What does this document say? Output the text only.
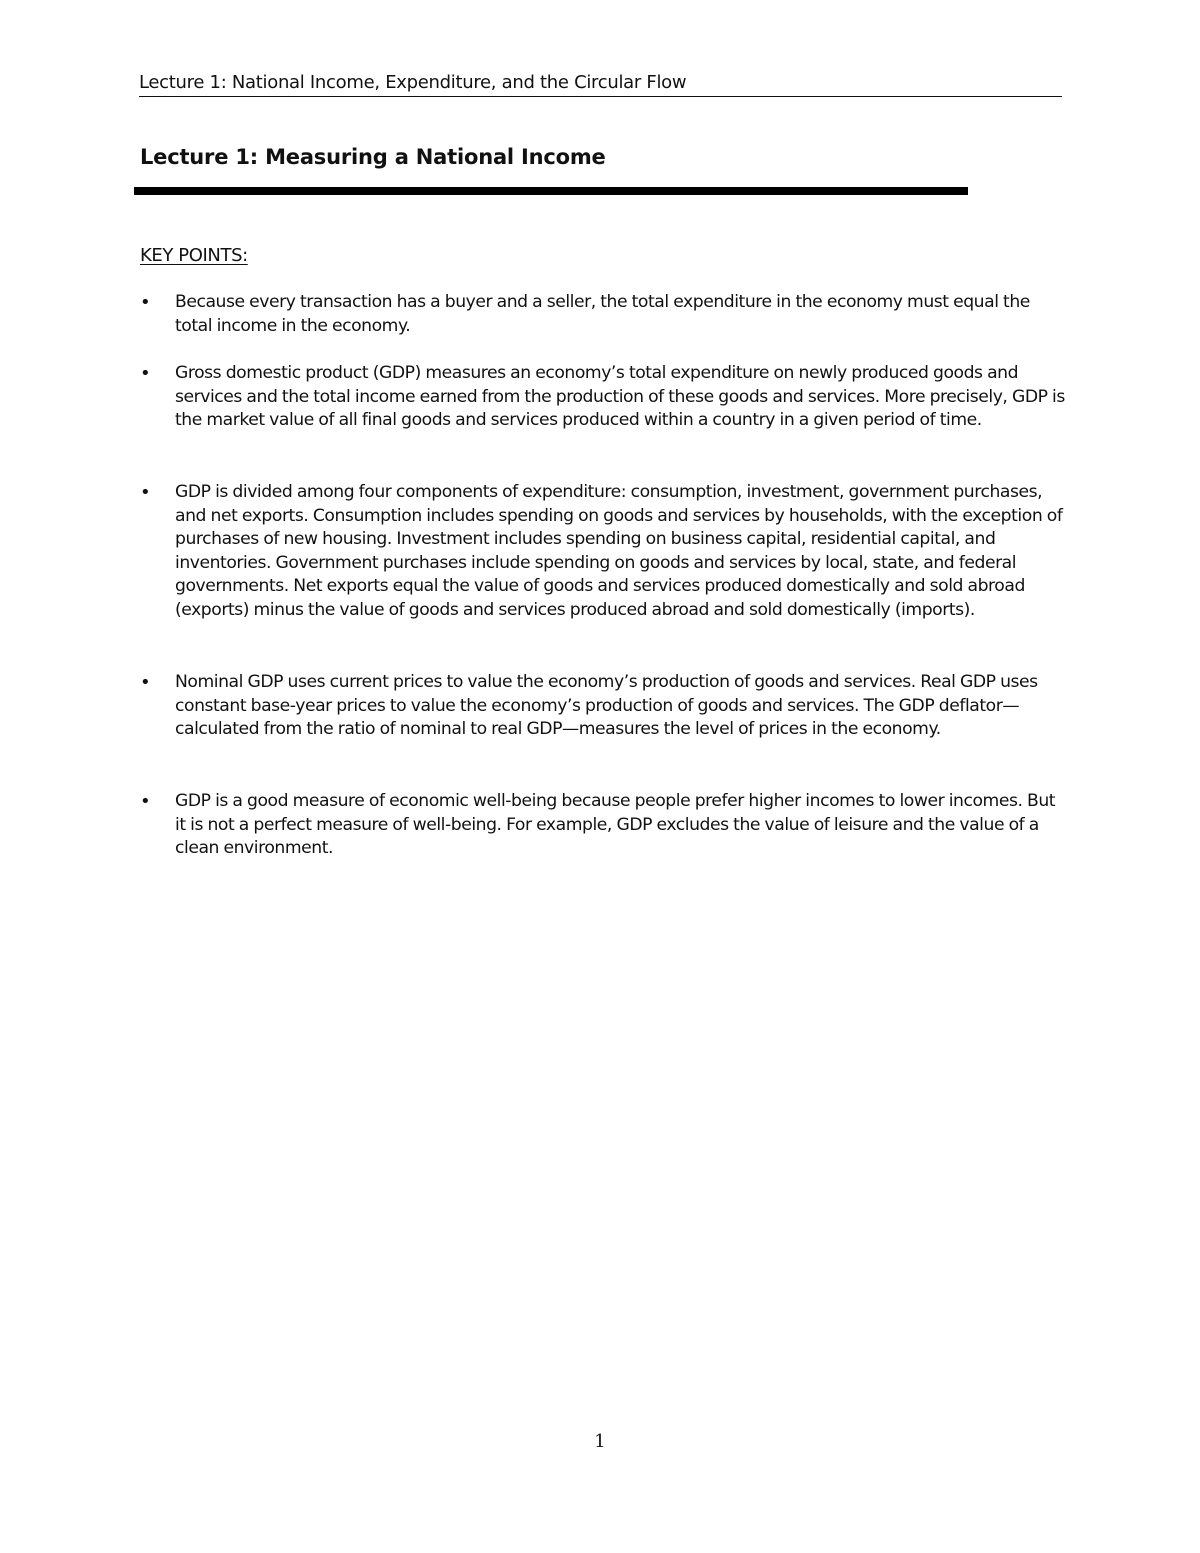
Lecture 1: National Income, Expenditure, and the Circular Flow
Lecture 1: Measuring a National Income
KEY POINTS:
• Because every transaction has a buyer and a seller, the total expenditure in the economy must equal the total income in the economy.
• Gross domestic product (GDP) measures an economy’s total expenditure on newly produced goods and services and the total income earned from the production of these goods and services. More precisely, GDP is the market value of all final goods and services produced within a country in a given period of time.
• GDP is divided among four components of expenditure: consumption, investment, government purchases, and net exports. Consumption includes spending on goods and services by households, with the exception of purchases of new housing. Investment includes spending on business capital, residential capital, and inventories. Government purchases include spending on goods and services by local, state, and federal governments. Net exports equal the value of goods and services produced domestically and sold abroad (exports) minus the value of goods and services produced abroad and sold domestically (imports).
• Nominal GDP uses current prices to value the economy’s production of goods and services. Real GDP uses constant base-year prices to value the economy’s production of goods and services. The GDP deflator—calculated from the ratio of nominal to real GDP—measures the level of prices in the economy.
• GDP is a good measure of economic well-being because people prefer higher incomes to lower incomes. But it is not a perfect measure of well-being. For example, GDP excludes the value of leisure and the value of a clean environment.
1
